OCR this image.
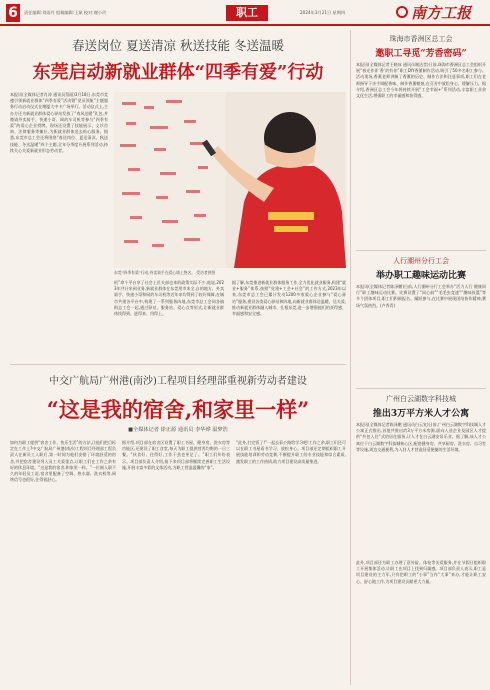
6	责任编辑:刘雨丹 组稿编辑:王斌 校对:谢小玲	职工	2024年3月21日 星期四	南方工报
春送岗位 夏送清凉 秋送技能 冬送温暖
东莞启动新就业群体“四季有爱”行动
本报讯(全媒体记者肖涛 通讯员蔡丽)3月18日,东莞市竞遵引领新就业群体“四季有爱”活动暨“党员领航”主题服务行动启动仪式在塘厦大中卡广场举行。活动仪式上,主办方还为新就业群体爱心驿站发放了“春风送暖”礼包,并邀请外卖骑手、快递小哥、网约车司机等参与“四季有爱”的爱心企业授牌。现场还设置了技能展示、义诊咨询、法律服务等摊位,为新就业群体送去贴心服务。据悉,东莞市总工会还将围绕“春送岗位、夏送清凉、秋送技能、冬送温暖”四个主题,全年分季度开展系列活动,持续关心关爱新就业形态劳动者。
东莞“四季有爱”行动,外卖骑手在爱心墙上签名。 受访者供图
机”拿个平台享了社会上民关部也来的政策实际不少,他说,2023年共计来到业务,新就业群体在东莞用市来全,自的地方、外卖骑手、快递小哥和网约车司机等近年来均得到了较好保障,在城市共建各平台中,构建了一系列服务阵地,东莞市总工会同各镇街总工会一起,通过驿站、服务站、爱心点等形式,让新就业群体找得到、进得来、用得上。
据了解,东莞推进新就业群体服务工作,全力优化就业服务,构建“就业+服务”体系,按照“党建+工会+社会”的工作方式,2023年以来,东莞市总工会已累计发动1200多家爱心企业参与“爱心驿站”服务,建设各类爱心驿站和阵地,向新就业群体送温暖、送关爱,推动新就业群体融入城市、扎根东莞,进一步增强他们的获得感、幸福感和安全感。
珠海市香洲区总工会
邀职工寻觅“芳香密码”
本报讯(全媒体记者王晓冰 通讯员谢洁莹)日前,珠海市香洲区总工会组织开展“春光作伴‘香’约有你”职工DIY香薰制作活动,吸引了50多名职工参与。活动现场,香薰老师讲解了香薰的历史、制作方法和注意事项,职工们在老师指导下亲手调配香味、制作香薰蜡烛,在芬芳中放松身心、缓解压力。据介绍,香洲区总工会今年将持续开展“工会幸福+”系列活动,丰富职工业余文化生活,增强职工的幸福感和获得感。
人行潮州分行工会
举办职工趣味运动比赛
本报讯(全媒体记者陈泽鹏)日前,人行潮州分行工会举办“活力人行 健康同行”职工趣味运动比赛。比赛设置了“同心鼓”“毛毛虫竞速”“趣味投篮”等多个团体项目,职工们积极报名、踊跃参与,在比赛中展现团结协作精神,赛场气氛热烈。(卢秀青)
广州白云湖数字科技城
推出3万平方米人才公寓
本报讯(全媒体记者陈泽鹏 通讯员白云宣)日前,广州白云湖数字科技城人才公寓正式推出,首批共推出约3万平方米房源,面向入驻企业及园区人才提供“拎包入住”式的居住服务,让人才在白云湖安居乐业。据了解,该人才公寓位于白云湖数字科技城核心区,配套健身房、共享厨房、洗衣房、自习室等设施,周边交通便利,为入驻人才营造舒适便捷的生活环境。
此外,项目部还为职工办理了意外险、体检等关爱服务,并在节假日组织职工开展集体活动,让职工在项目上找到归属感。项目部负责人表示,职工是项目建设的主力军,只有把职工的“小事”当作“大事”来办,才能让职工安心、舒心地工作,为项目建设贡献更大力量。
中交广航局广州港(南沙)工程项目经理部重视新劳动者建设
“这是我的宿舍,和家里一样”
■全媒体记者 徐正源 通讯员 李华烨 温梦浩
如何为职工提供“宿舍工作、快乐生活”的方法,让他们把目标定在工作上?中交广航局广州港(南沙)工程项目经理部工程负责人在新员工入职后,第一时间为他们安排了环境舒适的宿舍,并把宿舍建设列入员工关爱重点,让职工们在工作之余有好的休息环境。“这是我的宿舍,和家里一样。”一位刚入职不久的年轻员工说,宿舍里配备了空调、热水器、洗衣机等,网络信号也很好,住得很舒心。
据介绍,项目部在宿舍区设置了职工书屋、健身房、洗衣房等功能区,还建设了职工食堂,每天为职工提供营养均衡的一日三餐。“伙食好、住得好,工作干劲也更足了。”职工们纷纷表示。项目部负责人介绍,接下来项目部将继续完善职工生活设施,开展丰富多彩的文体活动,为职工营造温馨的“家”。
“此外,打完饭了!”一起去看公路给学习吧!工作之余,职工们还可以在职工书屋看书学习、放松身心。项目部还定期组织职工开展技能培训和劳动竞赛,不断提升职工的专业技能和综合素质,激发职工的工作热情,助力项目建设高质量推进。
